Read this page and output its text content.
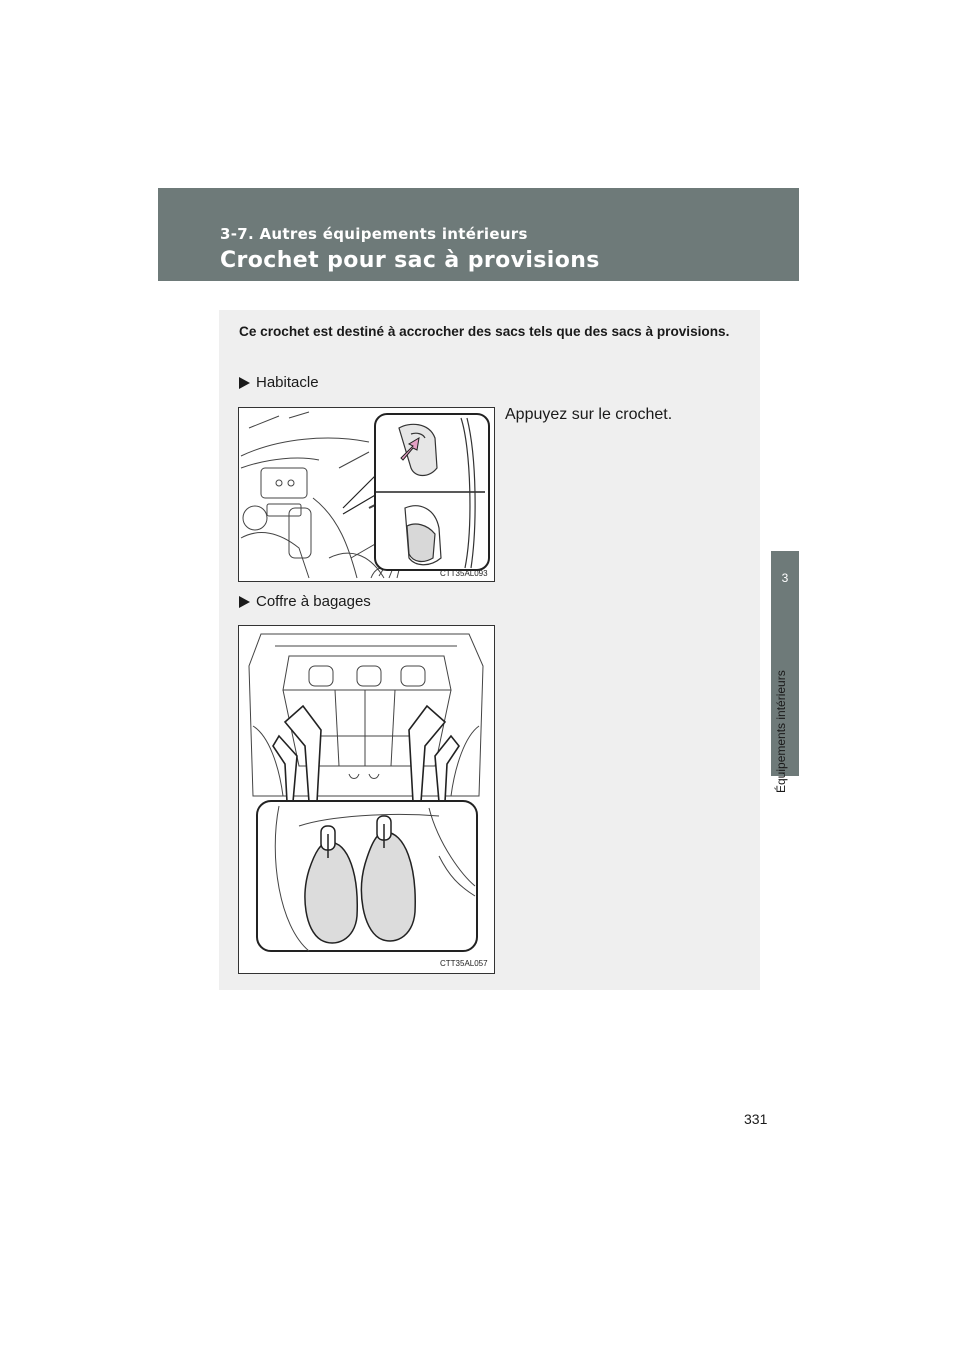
3-7. Autres équipements intérieurs
Crochet pour sac à provisions
3
Équipements intérieurs
Ce crochet est destiné à accrocher des sacs tels que des sacs à provisions.
Habitacle
CTT35AL093
Appuyez sur le crochet.
Coffre à bagages
CTT35AL057
331
